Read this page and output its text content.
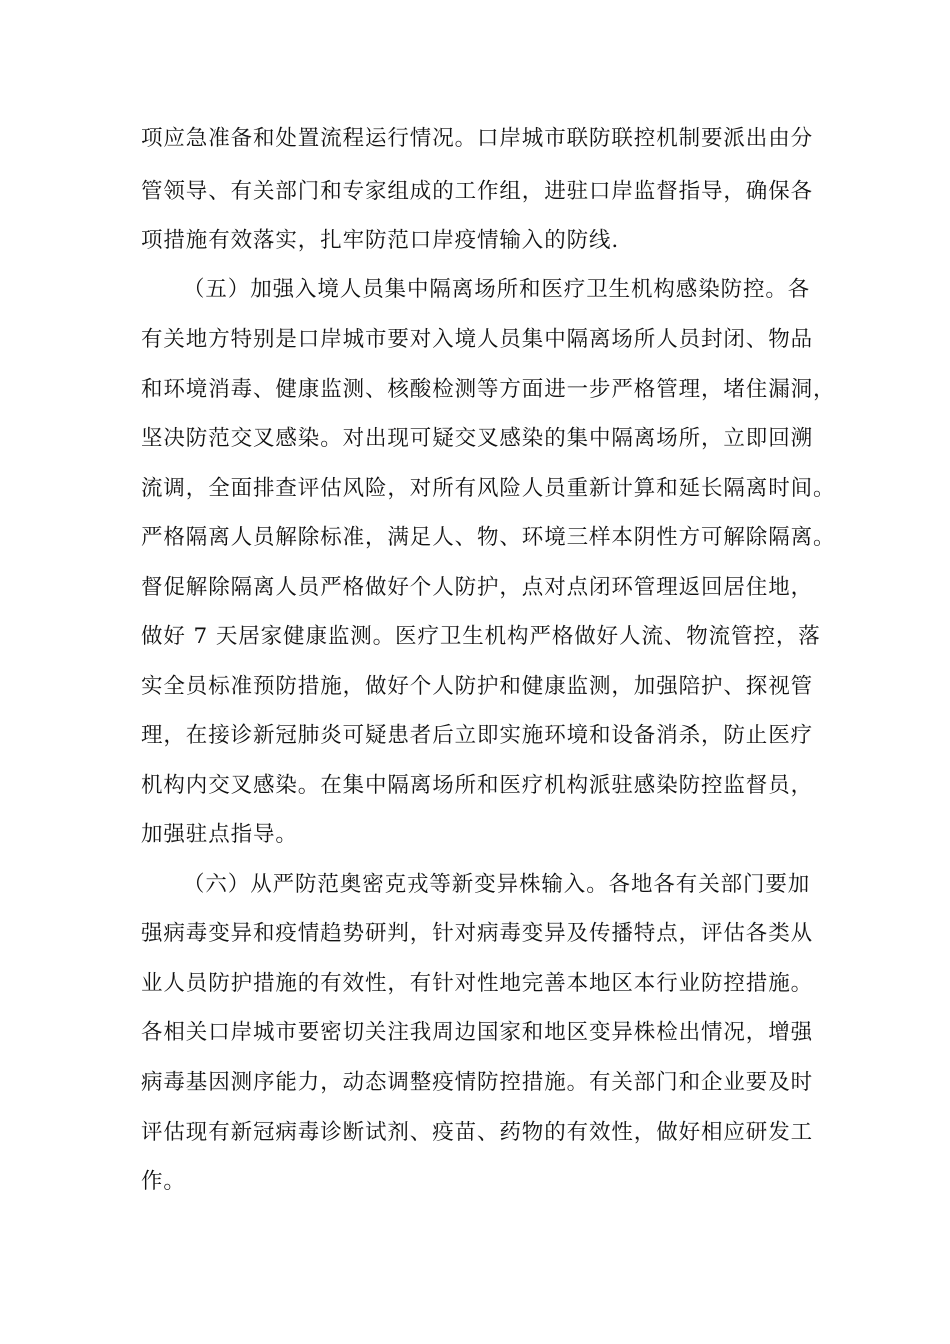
项应急准备和处置流程运行情况。口岸城市联防联控机制要派出由分
管领导、有关部门和专家组成的工作组，进驻口岸监督指导，确保各
项措施有效落实，扎牢防范口岸疫情输入的防线.
（五）加强入境人员集中隔离场所和医疗卫生机构感染防控。各
有关地方特别是口岸城市要对入境人员集中隔离场所人员封闭、物品
和环境消毒、健康监测、核酸检测等方面进一步严格管理，堵住漏洞，
坚决防范交叉感染。对出现可疑交叉感染的集中隔离场所，立即回溯
流调，全面排查评估风险，对所有风险人员重新计算和延长隔离时间。
严格隔离人员解除标准，满足人、物、环境三样本阴性方可解除隔离。
督促解除隔离人员严格做好个人防护，点对点闭环管理返回居住地，
做好 7 天居家健康监测。医疗卫生机构严格做好人流、物流管控，落
实全员标准预防措施，做好个人防护和健康监测，加强陪护、探视管
理，在接诊新冠肺炎可疑患者后立即实施环境和设备消杀，防止医疗
机构内交叉感染。在集中隔离场所和医疗机构派驻感染防控监督员，
加强驻点指导。
（六）从严防范奥密克戎等新变异株输入。各地各有关部门要加
强病毒变异和疫情趋势研判，针对病毒变异及传播特点，评估各类从
业人员防护措施的有效性，有针对性地完善本地区本行业防控措施。
各相关口岸城市要密切关注我周边国家和地区变异株检出情况，增强
病毒基因测序能力，动态调整疫情防控措施。有关部门和企业要及时
评估现有新冠病毒诊断试剂、疫苗、药物的有效性，做好相应研发工
作。
